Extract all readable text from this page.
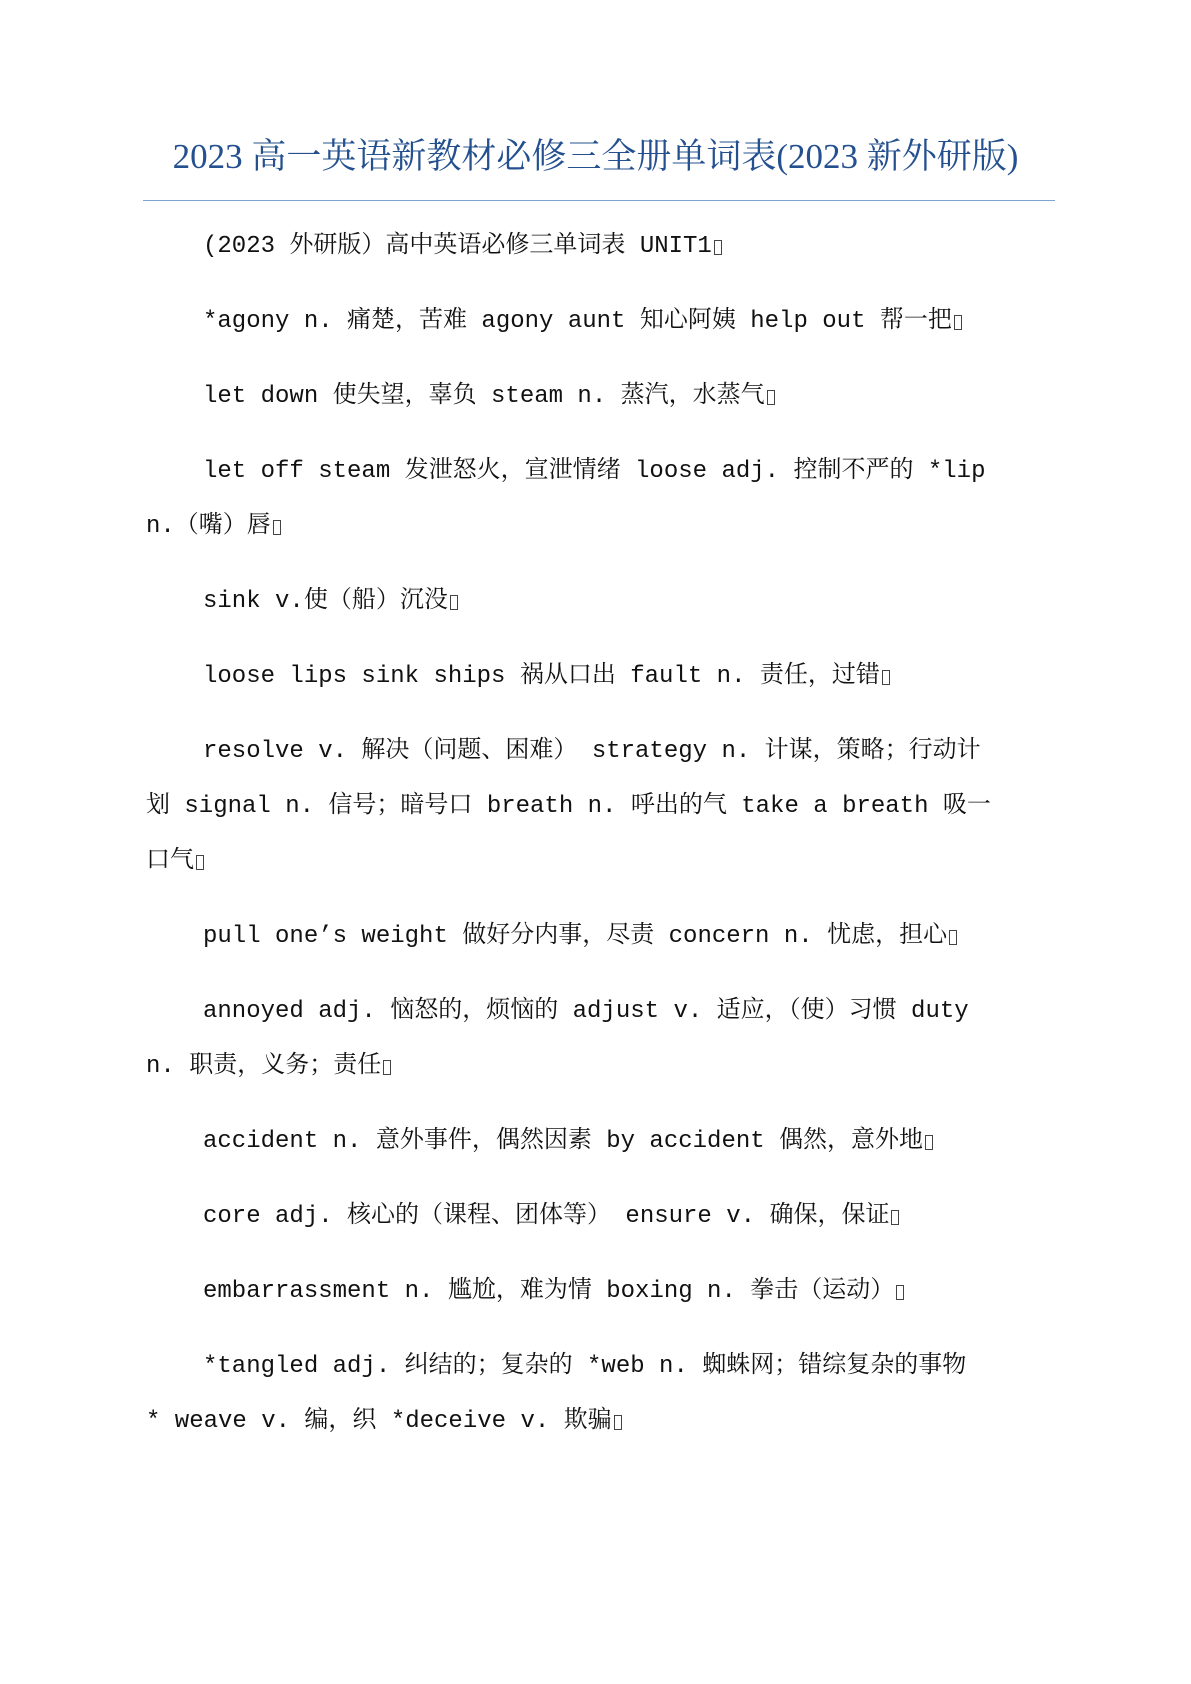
2023 高一英语新教材必修三全册单词表(2023 新外研版)
(2023 外研版）高中英语必修三单词表 UNIT1
*agony n. 痛楚，苦难 agony aunt 知心阿姨 help out 帮一把
let down 使失望，辜负 steam n. 蒸汽，水蒸气
let off steam 发泄怒火，宣泄情绪 loose adj. 控制不严的 *lip
n.（嘴）唇
sink v.使（船）沉没
loose lips sink ships 祸从口出 fault n. 责任，过错
resolve v. 解决（问题、困难） strategy n. 计谋，策略；行动计
划 signal n. 信号；暗号口 breath n. 呼出的气 take a breath 吸一
口气
pull one’s weight 做好分内事，尽责 concern n. 忧虑，担心
annoyed adj. 恼怒的，烦恼的 adjust v. 适应，（使）习惯 duty
n. 职责，义务；责任
accident n. 意外事件，偶然因素 by accident 偶然，意外地
core adj. 核心的（课程、团体等） ensure v. 确保，保证
embarrassment n. 尴尬，难为情 boxing n. 拳击（运动）
*tangled adj. 纠结的；复杂的 *web n. 蜘蛛网；错综复杂的事物
* weave v. 编，织 *deceive v. 欺骗
